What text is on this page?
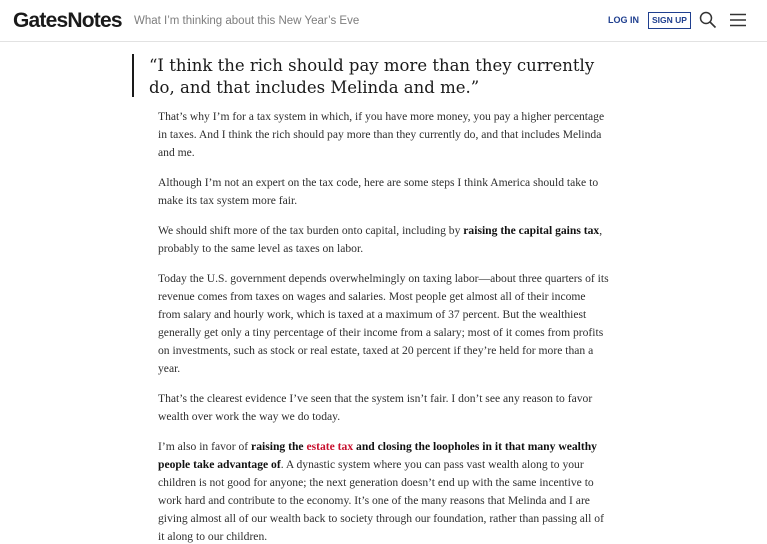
GatesNotes What I’m thinking about this New Year’s Eve	LOG IN	SIGN UP
“I think the rich should pay more than they currently do, and that includes Melinda and me.”

That’s why I’m for a tax system in which, if you have more money, you pay a higher percentage in taxes. And I think the rich should pay more than they currently do, and that includes Melinda and me.

Although I’m not an expert on the tax code, here are some steps I think America should take to make its tax system more fair.

We should shift more of the tax burden onto capital, including by raising the capital gains tax, probably to the same level as taxes on labor.

Today the U.S. government depends overwhelmingly on taxing labor—about three quarters of its revenue comes from taxes on wages and salaries. Most people get almost all of their income from salary and hourly work, which is taxed at a maximum of 37 percent. But the wealthiest generally get only a tiny percentage of their income from a salary; most of it comes from profits on investments, such as stock or real estate, taxed at 20 percent if they’re held for more than a year.

That’s the clearest evidence I’ve seen that the system isn’t fair. I don’t see any reason to favor wealth over work the way we do today.

I’m also in favor of raising the estate tax and closing the loopholes in it that many wealthy people take advantage of. A dynastic system where you can pass vast wealth along to your children is not good for anyone; the next generation doesn’t end up with the same incentive to work hard and contribute to the economy. It’s one of the many reasons that Melinda and I are giving almost all of our wealth back to society through our foundation, rather than passing all of it along to our children.
